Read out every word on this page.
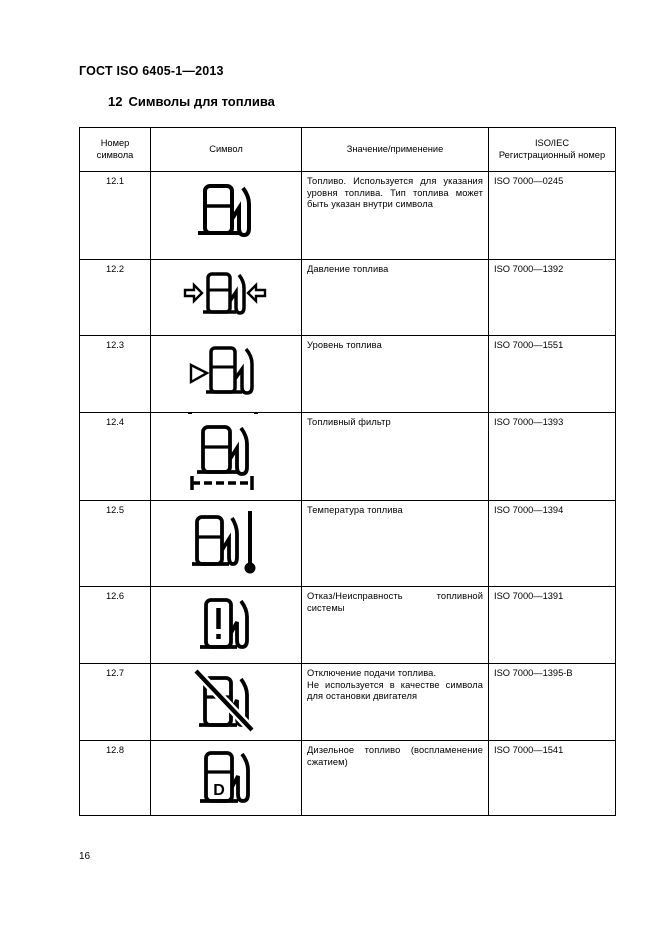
ГОСТ ISO 6405-1—2013
12 Символы для топлива
Номер
символа	Символ	Значение/применение	ISO/IEC
Регистрационный номер

12.1		Топливо. Используется для указания уровня топлива. Тип топлива может быть указан внутри символа	ISO 7000—0245
12.2		Давление топлива	ISO 7000—1392
12.3		Уровень топлива	ISO 7000—1551
12.4		Топливный фильтр	ISO 7000—1393
12.5		Температура топлива	ISO 7000—1394
12.6		Отказ/Неисправность топливной системы	ISO 7000—1391
12.7		Отключение подачи топлива.
Не используется в качестве символа для остановки двигателя	ISO 7000—1395-B
12.8	D	Дизельное топливо (воспламенение сжатием)	ISO 7000—1541
16
